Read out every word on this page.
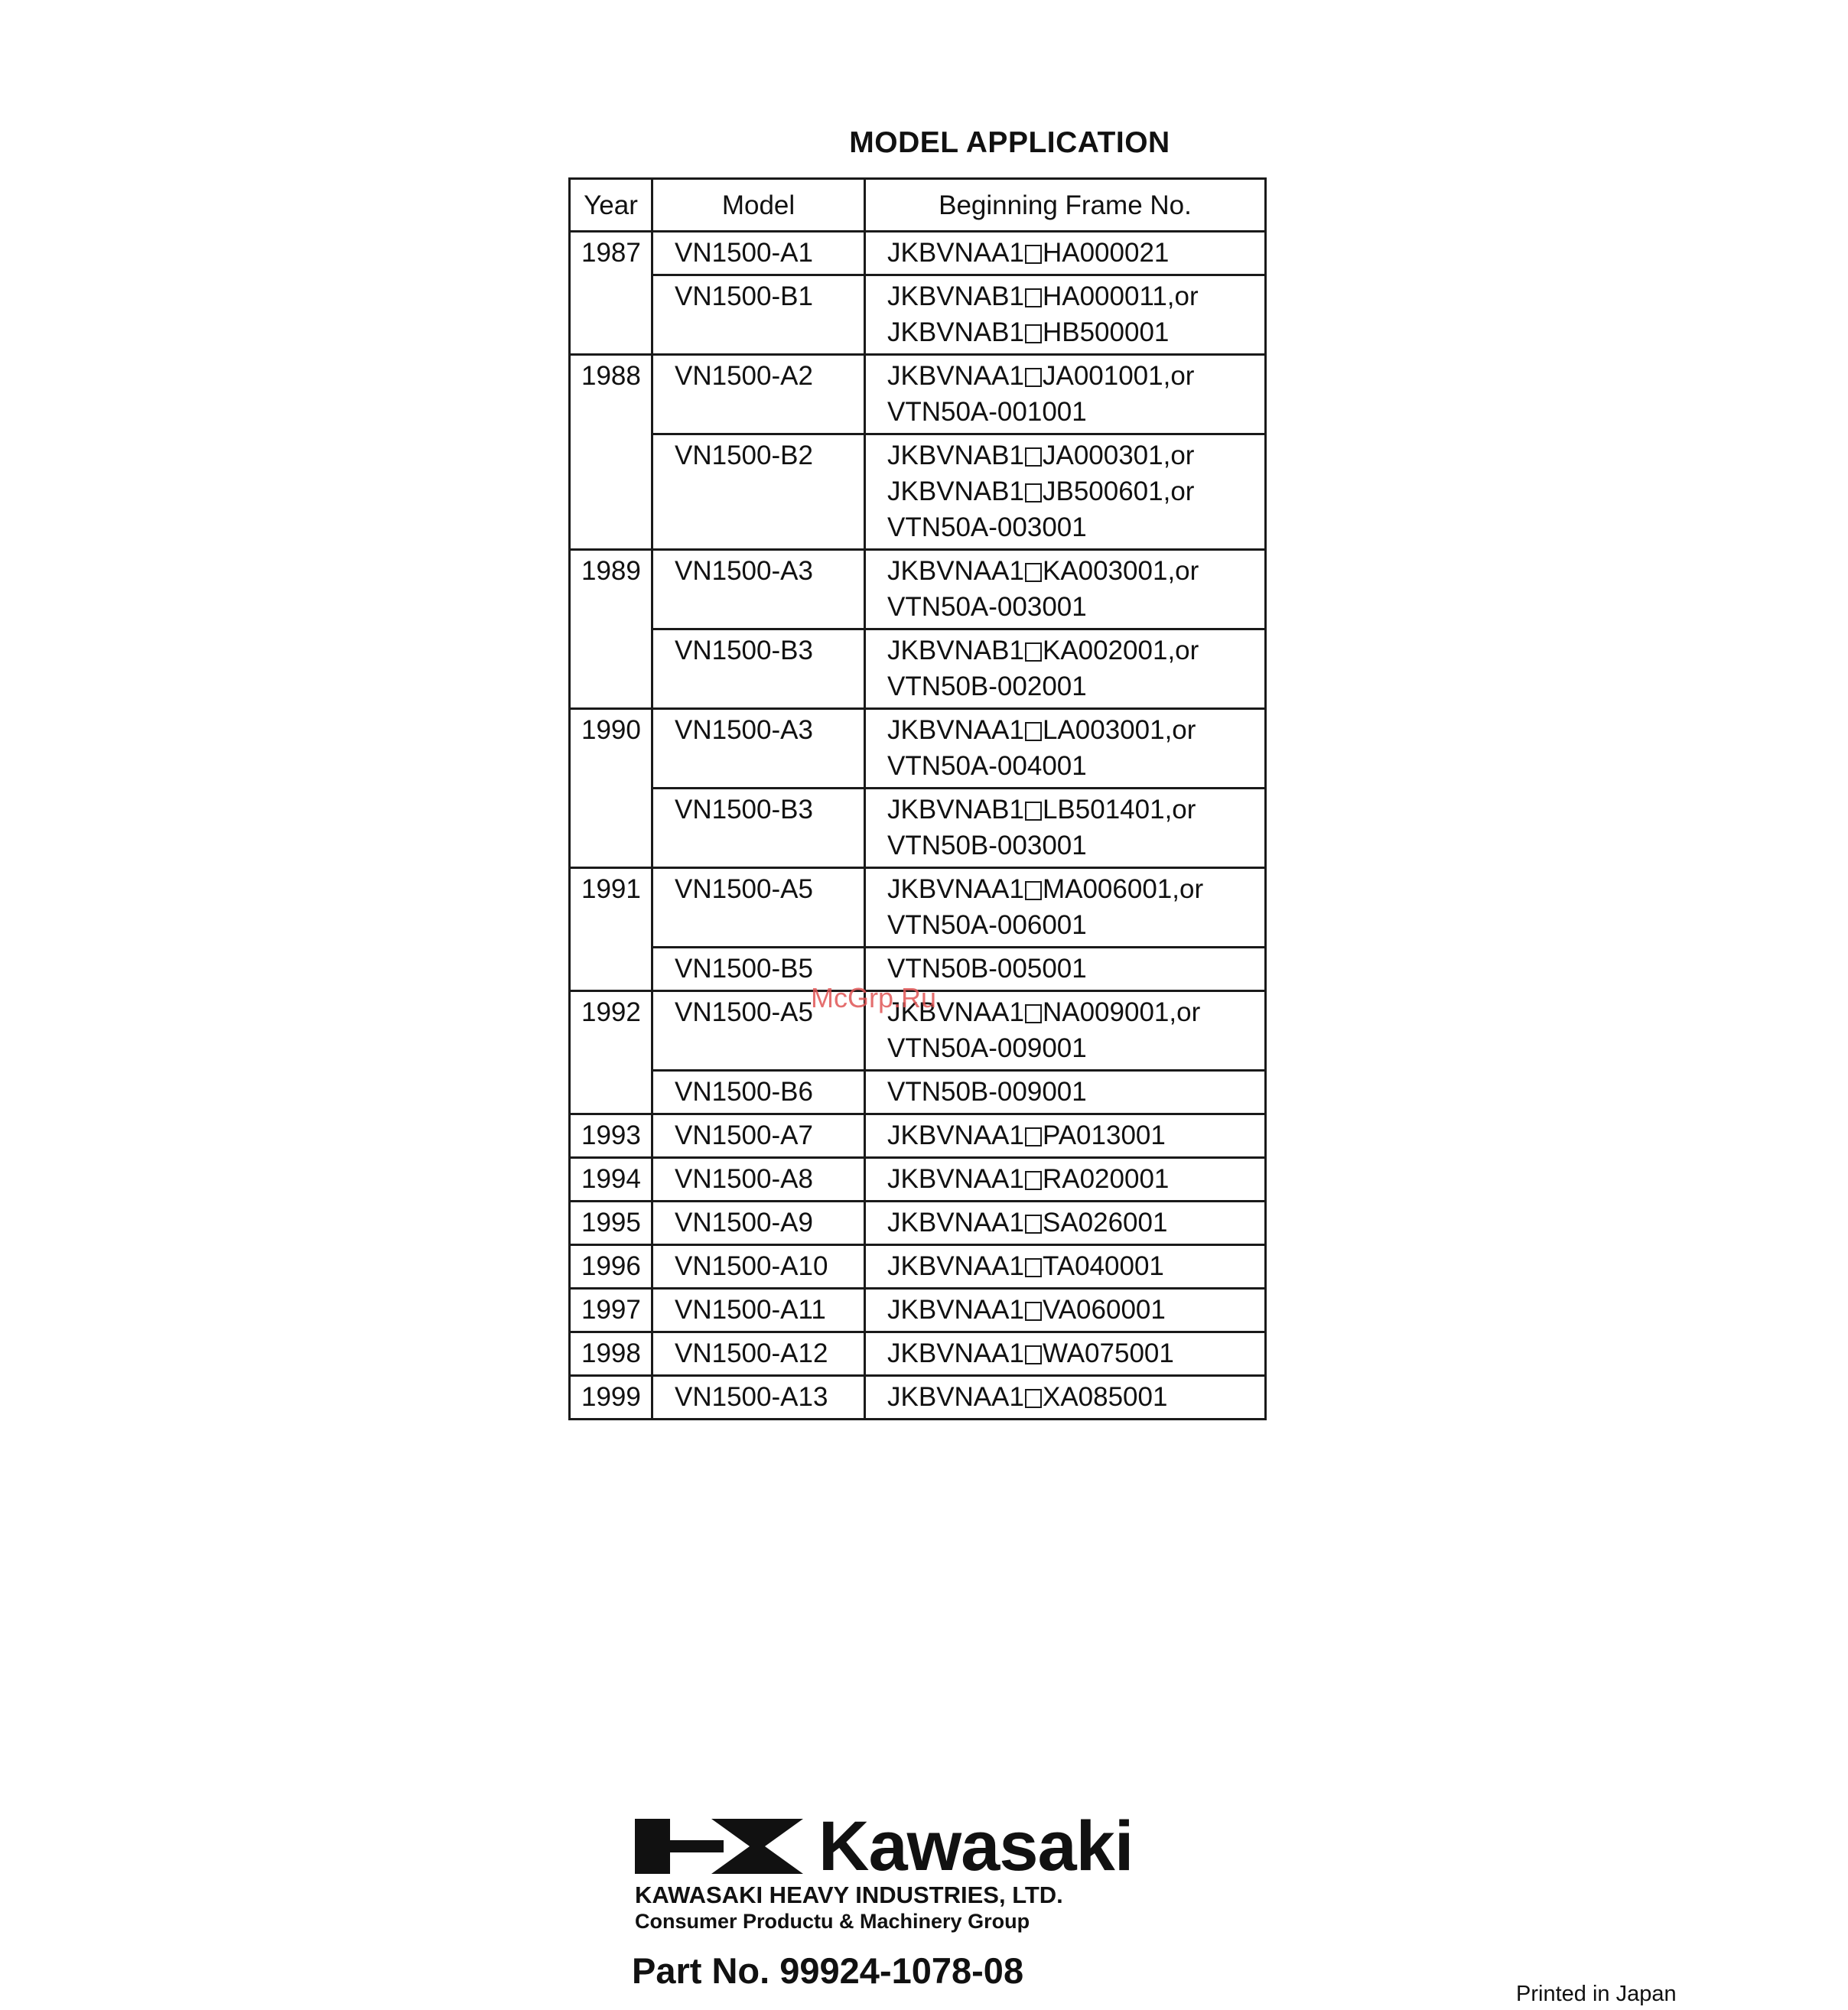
MODEL APPLICATION
Year	Model	Beginning Frame No.
1987	VN1500-A1	JKBVNAA1 HA000021

	VN1500-B1	JKBVNAB1 HA000011,or
JKBVNAB1 HB500001

1988	VN1500-A2	JKBVNAA1 JA001001,or
VTN50A-001001

	VN1500-B2	JKBVNAB1 JA000301,or
JKBVNAB1 JB500601,or
VTN50A-003001

1989	VN1500-A3	JKBVNAA1 KA003001,or
VTN50A-003001

	VN1500-B3	JKBVNAB1 KA002001,or
VTN50B-002001

1990	VN1500-A3	JKBVNAA1 LA003001,or
VTN50A-004001

	VN1500-B3	JKBVNAB1 LB501401,or
VTN50B-003001

1991	VN1500-A5	JKBVNAA1 MA006001,or
VTN50A-006001

	VN1500-B5	VTN50B-005001

1992	VN1500-A5	JKBVNAA1 NA009001,or
VTN50A-009001

	VN1500-B6	VTN50B-009001

1993	VN1500-A7	JKBVNAA1 PA013001

1994	VN1500-A8	JKBVNAA1 RA020001

1995	VN1500-A9	JKBVNAA1 SA026001

1996	VN1500-A10	JKBVNAA1 TA040001

1997	VN1500-A11	JKBVNAA1 VA060001

1998	VN1500-A12	JKBVNAA1 WA075001

1999	VN1500-A13	JKBVNAA1 XA085001
McGrp.Ru
Kawasaki
KAWASAKI HEAVY INDUSTRIES, LTD.
Consumer Productu & Machinery Group
Part No. 99924-1078-08
Printed in Japan
